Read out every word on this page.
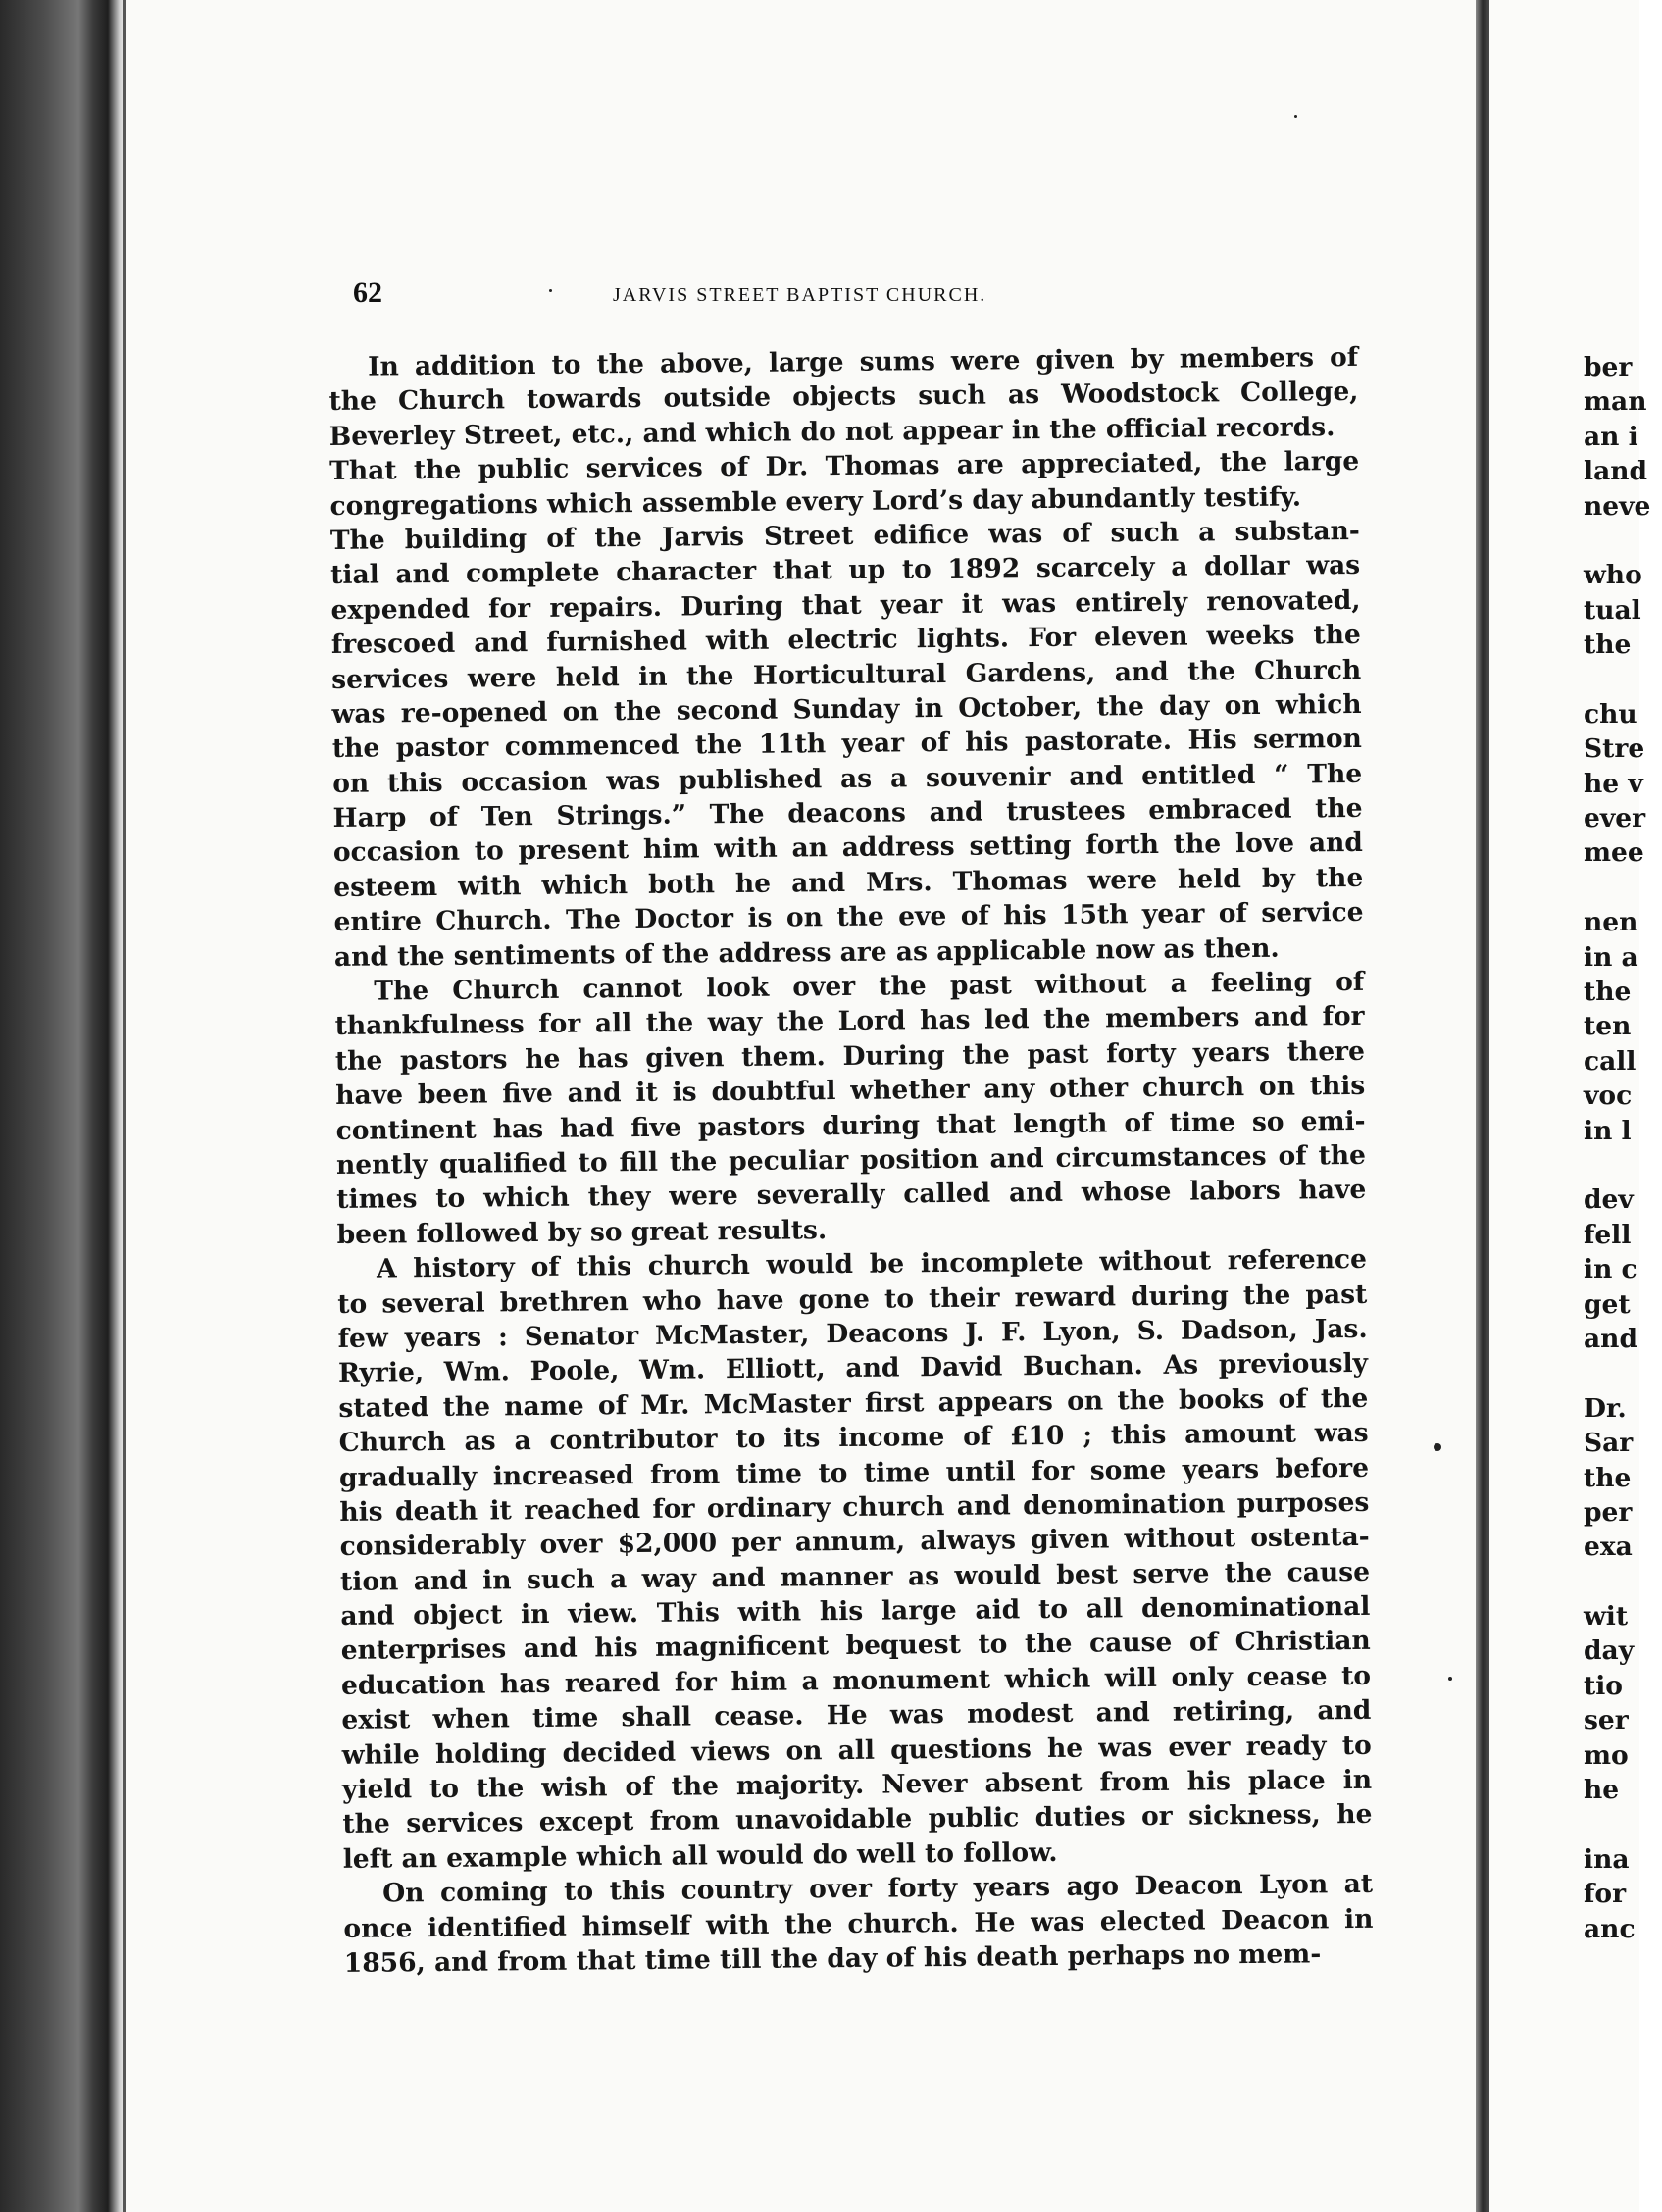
62	JARVIS STREET BAPTIST CHURCH.
In addition to the above, large sums were given by members of
the Church towards outside objects such as Woodstock College,
Beverley Street, etc., and which do not appear in the official records.
That the public services of Dr. Thomas are appreciated, the large
congregations which assemble every Lord’s day abundantly testify.
The building of the Jarvis Street edifice was of such a substan-
tial and complete character that up to 1892 scarcely a dollar was
expended for repairs. During that year it was entirely renovated,
frescoed and furnished with electric lights. For eleven weeks the
services were held in the Horticultural Gardens, and the Church
was re-opened on the second Sunday in October, the day on which
the pastor commenced the 11th year of his pastorate. His sermon
on this occasion was published as a souvenir and entitled “ The
Harp of Ten Strings.” The deacons and trustees embraced the
occasion to present him with an address setting forth the love and
esteem with which both he and Mrs. Thomas were held by the
entire Church. The Doctor is on the eve of his 15th year of service
and the sentiments of the address are as applicable now as then.
The Church cannot look over the past without a feeling of
thankfulness for all the way the Lord has led the members and for
the pastors he has given them. During the past forty years there
have been five and it is doubtful whether any other church on this
continent has had five pastors during that length of time so emi-
nently qualified to fill the peculiar position and circumstances of the
times to which they were severally called and whose labors have
been followed by so great results.
A history of this church would be incomplete without reference
to several brethren who have gone to their reward during the past
few years : Senator McMaster, Deacons J. F. Lyon, S. Dadson, Jas.
Ryrie, Wm. Poole, Wm. Elliott, and David Buchan. As previously
stated the name of Mr. McMaster first appears on the books of the
Church as a contributor to its income of £10 ; this amount was
gradually increased from time to time until for some years before
his death it reached for ordinary church and denomination purposes
considerably over $2,000 per annum, always given without ostenta-
tion and in such a way and manner as would best serve the cause
and object in view. This with his large aid to all denominational
enterprises and his magnificent bequest to the cause of Christian
education has reared for him a monument which will only cease to
exist when time shall cease. He was modest and retiring, and
while holding decided views on all questions he was ever ready to
yield to the wish of the majority. Never absent from his place in
the services except from unavoidable public duties or sickness, he
left an example which all would do well to follow.
On coming to this country over forty years ago Deacon Lyon at
once identified himself with the church. He was elected Deacon in
1856, and from that time till the day of his death perhaps no mem-
ber
man
an i
land
neve
who
tual
the
chu
Stre
he v
ever
mee
nen
in a
the
ten
call
voc
in l
dev
fell
in c
get
and
Dr.
Sar
the
per
exa
wit
day
tio
ser
mo
he
ina
for
anc
